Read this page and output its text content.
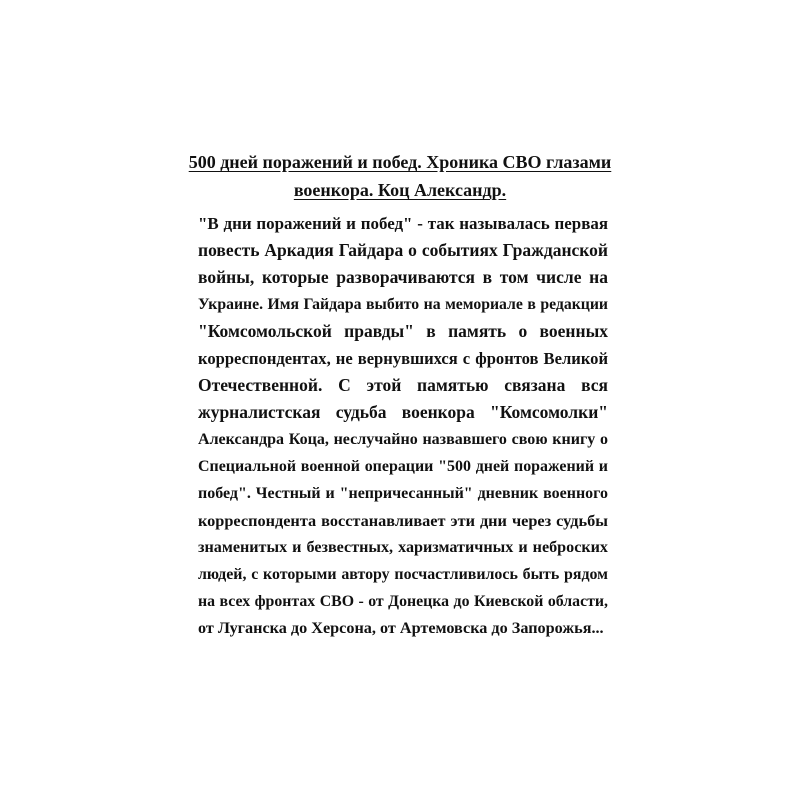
500 дней поражений и побед. Хроника СВО глазами
военкора. Коц Александр.
"В дни поражений и побед" - так называлась первая
повесть Аркадия Гайдара о событиях Гражданской
войны, которые разворачиваются в том числе на
Украине. Имя Гайдара выбито на мемориале в редакции
"Комсомольской правды" в память о военных
корреспондентах, не вернувшихся с фронтов Великой
Отечественной. С этой памятью связана вся
журналистская судьба военкора "Комсомолки"
Александра Коца, неслучайно назвавшего свою книгу о
Специальной военной операции "500 дней поражений и
побед". Честный и "непричесанный" дневник военного
корреспондента восстанавливает эти дни через судьбы
знаменитых и безвестных, харизматичных и неброских
людей, с которыми автору посчастливилось быть рядом
на всех фронтах СВО - от Донецка до Киевской области,
от Луганска до Херсона, от Артемовска до Запорожья...
